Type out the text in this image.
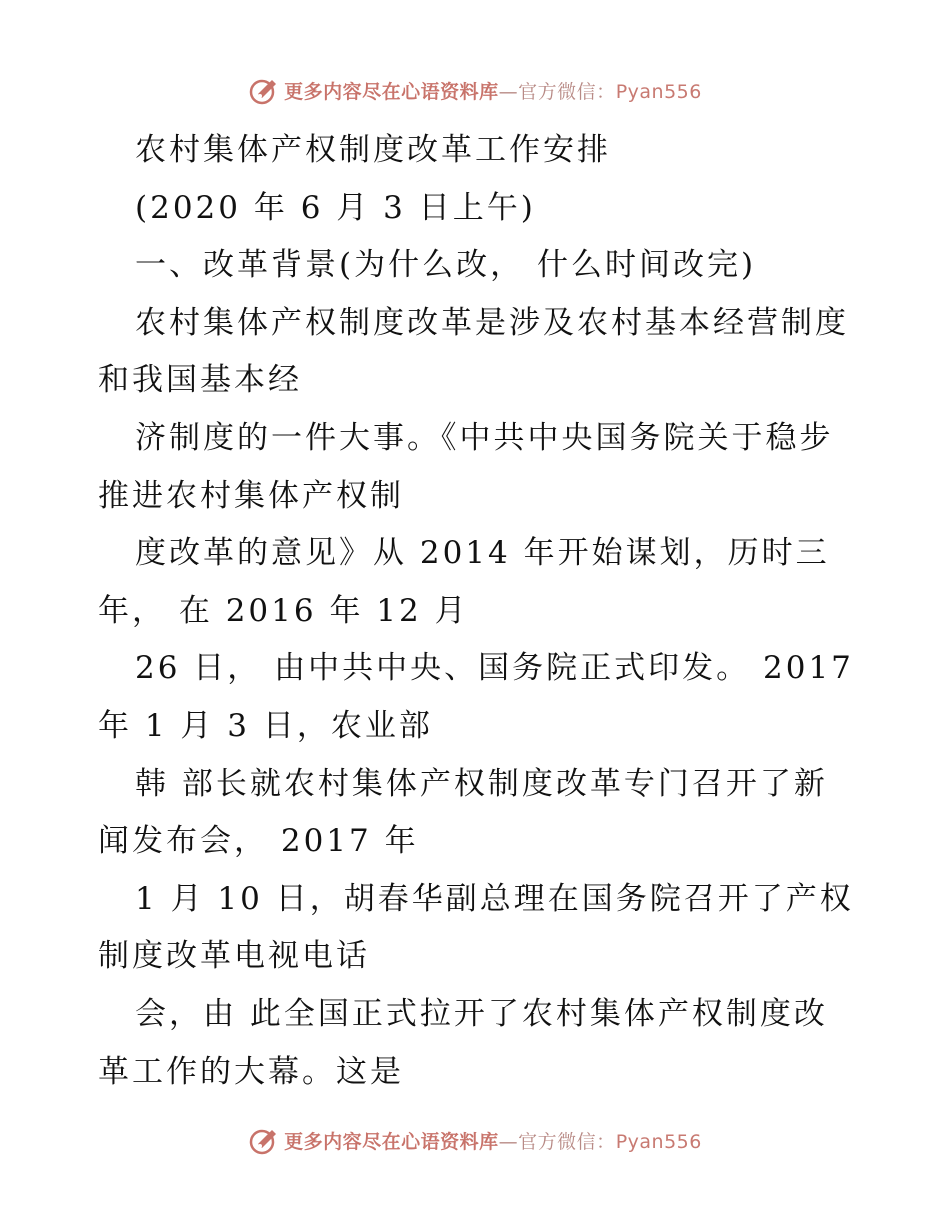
更多内容尽在心语资料库—官方微信：Pyan556
农村集体产权制度改革工作安排
(2020 年 6 月 3 日上午)
一、改革背景(为什么改， 什么时间改完)
农村集体产权制度改革是涉及农村基本经营制度
和我国基本经
济制度的一件大事。《中共中央国务院关于稳步
推进农村集体产权制
度改革的意见》从 2014 年开始谋划，历时三
年， 在 2016 年 12 月
26 日， 由中共中央、国务院正式印发。 2017
年 1 月 3 日，农业部
韩 部长就农村集体产权制度改革专门召开了新
闻发布会， 2017 年
1 月 10 日，胡春华副总理在国务院召开了产权
制度改革电视电话
会，由 此全国正式拉开了农村集体产权制度改
革工作的大幕。这是
更多内容尽在心语资料库—官方微信：Pyan556
